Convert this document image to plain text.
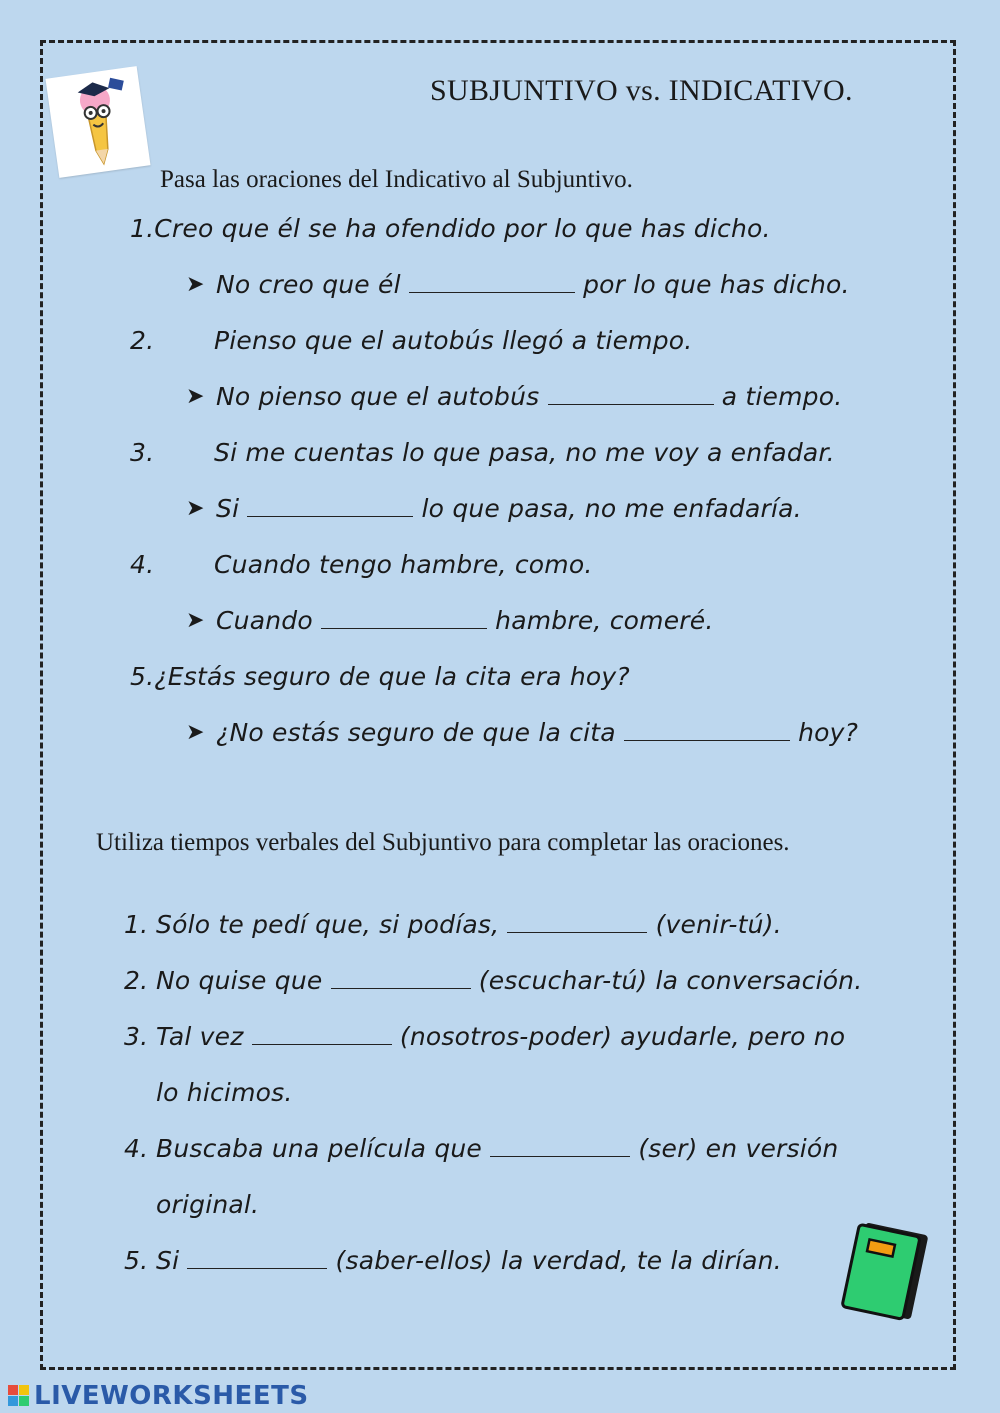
SUBJUNTIVO vs. INDICATIVO.
Pasa las oraciones del Indicativo al Subjuntivo.
1.Creo que él se ha ofendido por lo que has dicho.
➤ No creo que él	por lo que has dicho.
2. Pienso que el autobús llegó a tiempo.
➤ No pienso que el autobús	a tiempo.
3. Si me cuentas lo que pasa, no me voy a enfadar.
➤ Si	lo que pasa, no me enfadaría.
4. Cuando tengo hambre, como.
➤ Cuando	hambre, comeré.
5.¿Estás seguro de que la cita era hoy?
➤ ¿No estás seguro de que la cita	hoy?
Utiliza tiempos verbales del Subjuntivo para completar las oraciones.
1. Sólo te pedí que, si podías,	(venir-tú).
2. No quise que	(escuchar-tú) la conversación.
3. Tal vez	(nosotros-poder) ayudarle, pero no
lo hicimos.
4. Buscaba una película que	(ser) en versión
original.
5. Si	(saber-ellos) la verdad, te la dirían.
LIVEWORKSHEETS
